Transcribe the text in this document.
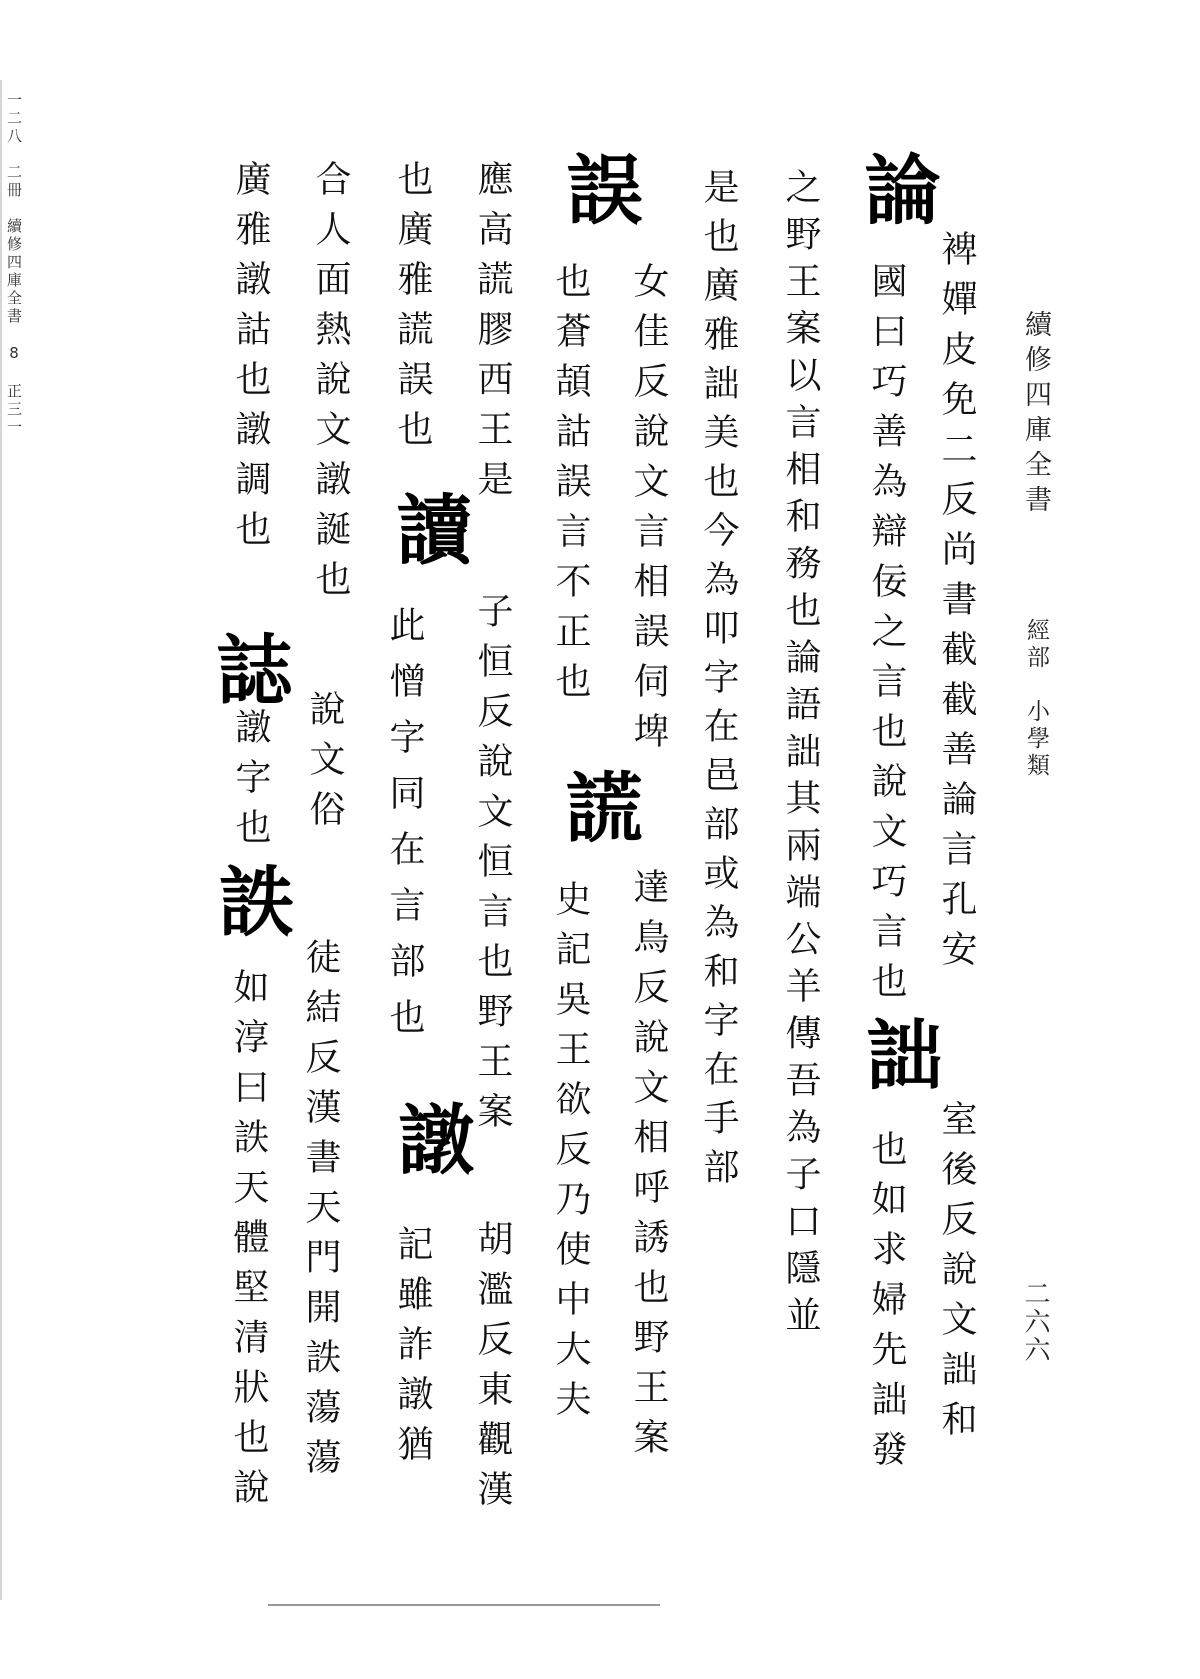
一二八　二冊　續修四庫全書　8　正三一	續修四庫全書
經部　小學類
二六六
論
裨嬋皮免二反尚書截截善論言孔安
國曰巧善為辯佞之言也說文巧言也
詘
室後反說文詘和
也如求婦先詘發
之野王案以言相和務也論語詘其兩端公羊傳吾為子口隱並
是也廣雅詘美也今為叩字在邑部或為和字在手部
誤
女佳反說文言相誤伺埤
也蒼頡詁誤言不正也
謊
達鳥反說文相呼誘也野王案
史記吳王欲反乃使中大夫
應高謊膠西王是
讀
子恒反說文恒言也野王案
也廣雅謊誤也
此憎字同在言部也
譈
胡濫反東觀漢
記雖詐譈猶
合人面熱說文譈誕也
徒結反漢書天門開詄蕩蕩
廣雅譈詁也譈調也
誌
說文俗
譈字也
詄
如淳曰詄天體堅清狀也說
